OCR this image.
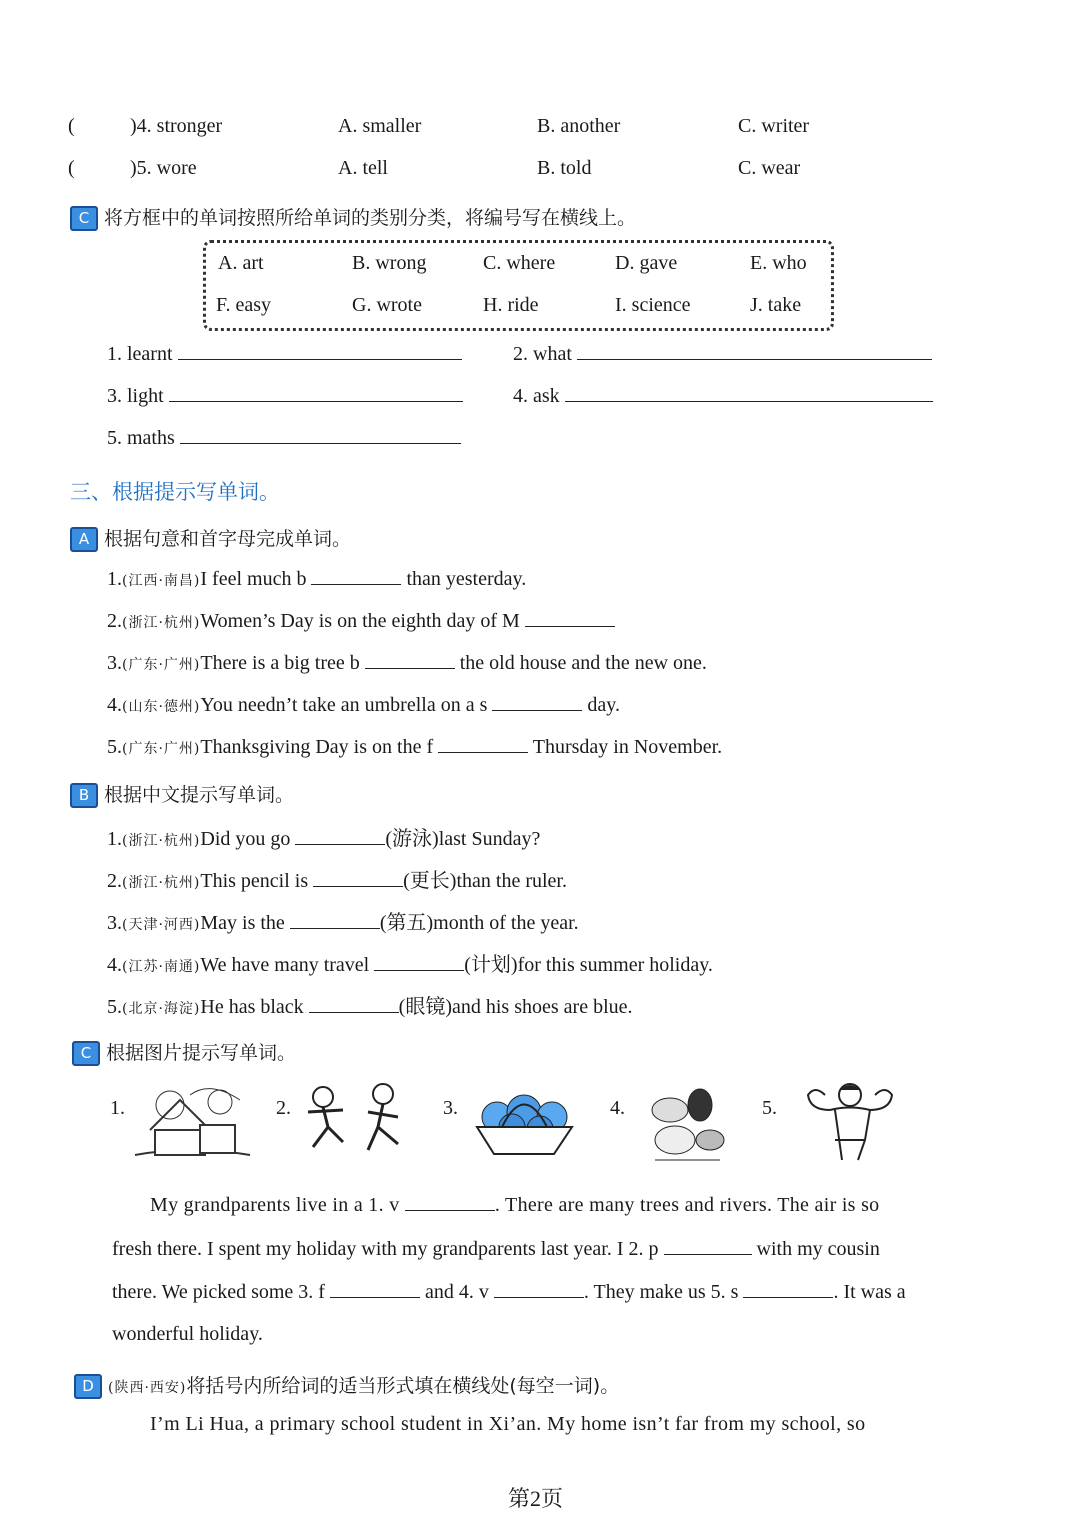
(	)4. stronger	A. smaller	B. another	C. writer
(	)5. wore	A. tell	B. told	C. wear
C 将方框中的单词按照所给单词的类别分类，将编号写在横线上。
A. art	B. wrong	C. where	D. gave	E. who
F. easy	G. wrote	H. ride	I. science	J. take
1. learnt	2. what
3. light	4. ask
5. maths
三、根据提示写单词。
A 根据句意和首字母完成单词。
1.(江西·南昌)I feel much b	than yesterday.
2.(浙江·杭州)Women’s Day is on the eighth day of M
3.(广东·广州)There is a big tree b	the old house and the new one.
4.(山东·德州)You needn’t take an umbrella on a s	day.
5.(广东·广州)Thanksgiving Day is on the f	Thursday in November.
B 根据中文提示写单词。
1.(浙江·杭州)Did you go	(游泳)last Sunday?
2.(浙江·杭州)This pencil is	(更长)than the ruler.
3.(天津·河西)May is the	(第五)month of the year.
4.(江苏·南通)We have many travel	(计划)for this summer holiday.
5.(北京·海淀)He has black	(眼镜)and his shoes are blue.
C 根据图片提示写单词。
1.	2.	3.	4.	5.
My grandparents live in a 1. v	. There are many trees and rivers. The air is so
fresh there. I spent my holiday with my grandparents last year. I 2. p	with my cousin
there. We picked some 3. f	and 4. v	. They make us 5. s	. It was a
wonderful holiday.
D (陕西·西安)将括号内所给词的适当形式填在横线处(每空一词)。
I’m Li Hua, a primary school student in Xi’an. My home isn’t far from my school, so
第2页
